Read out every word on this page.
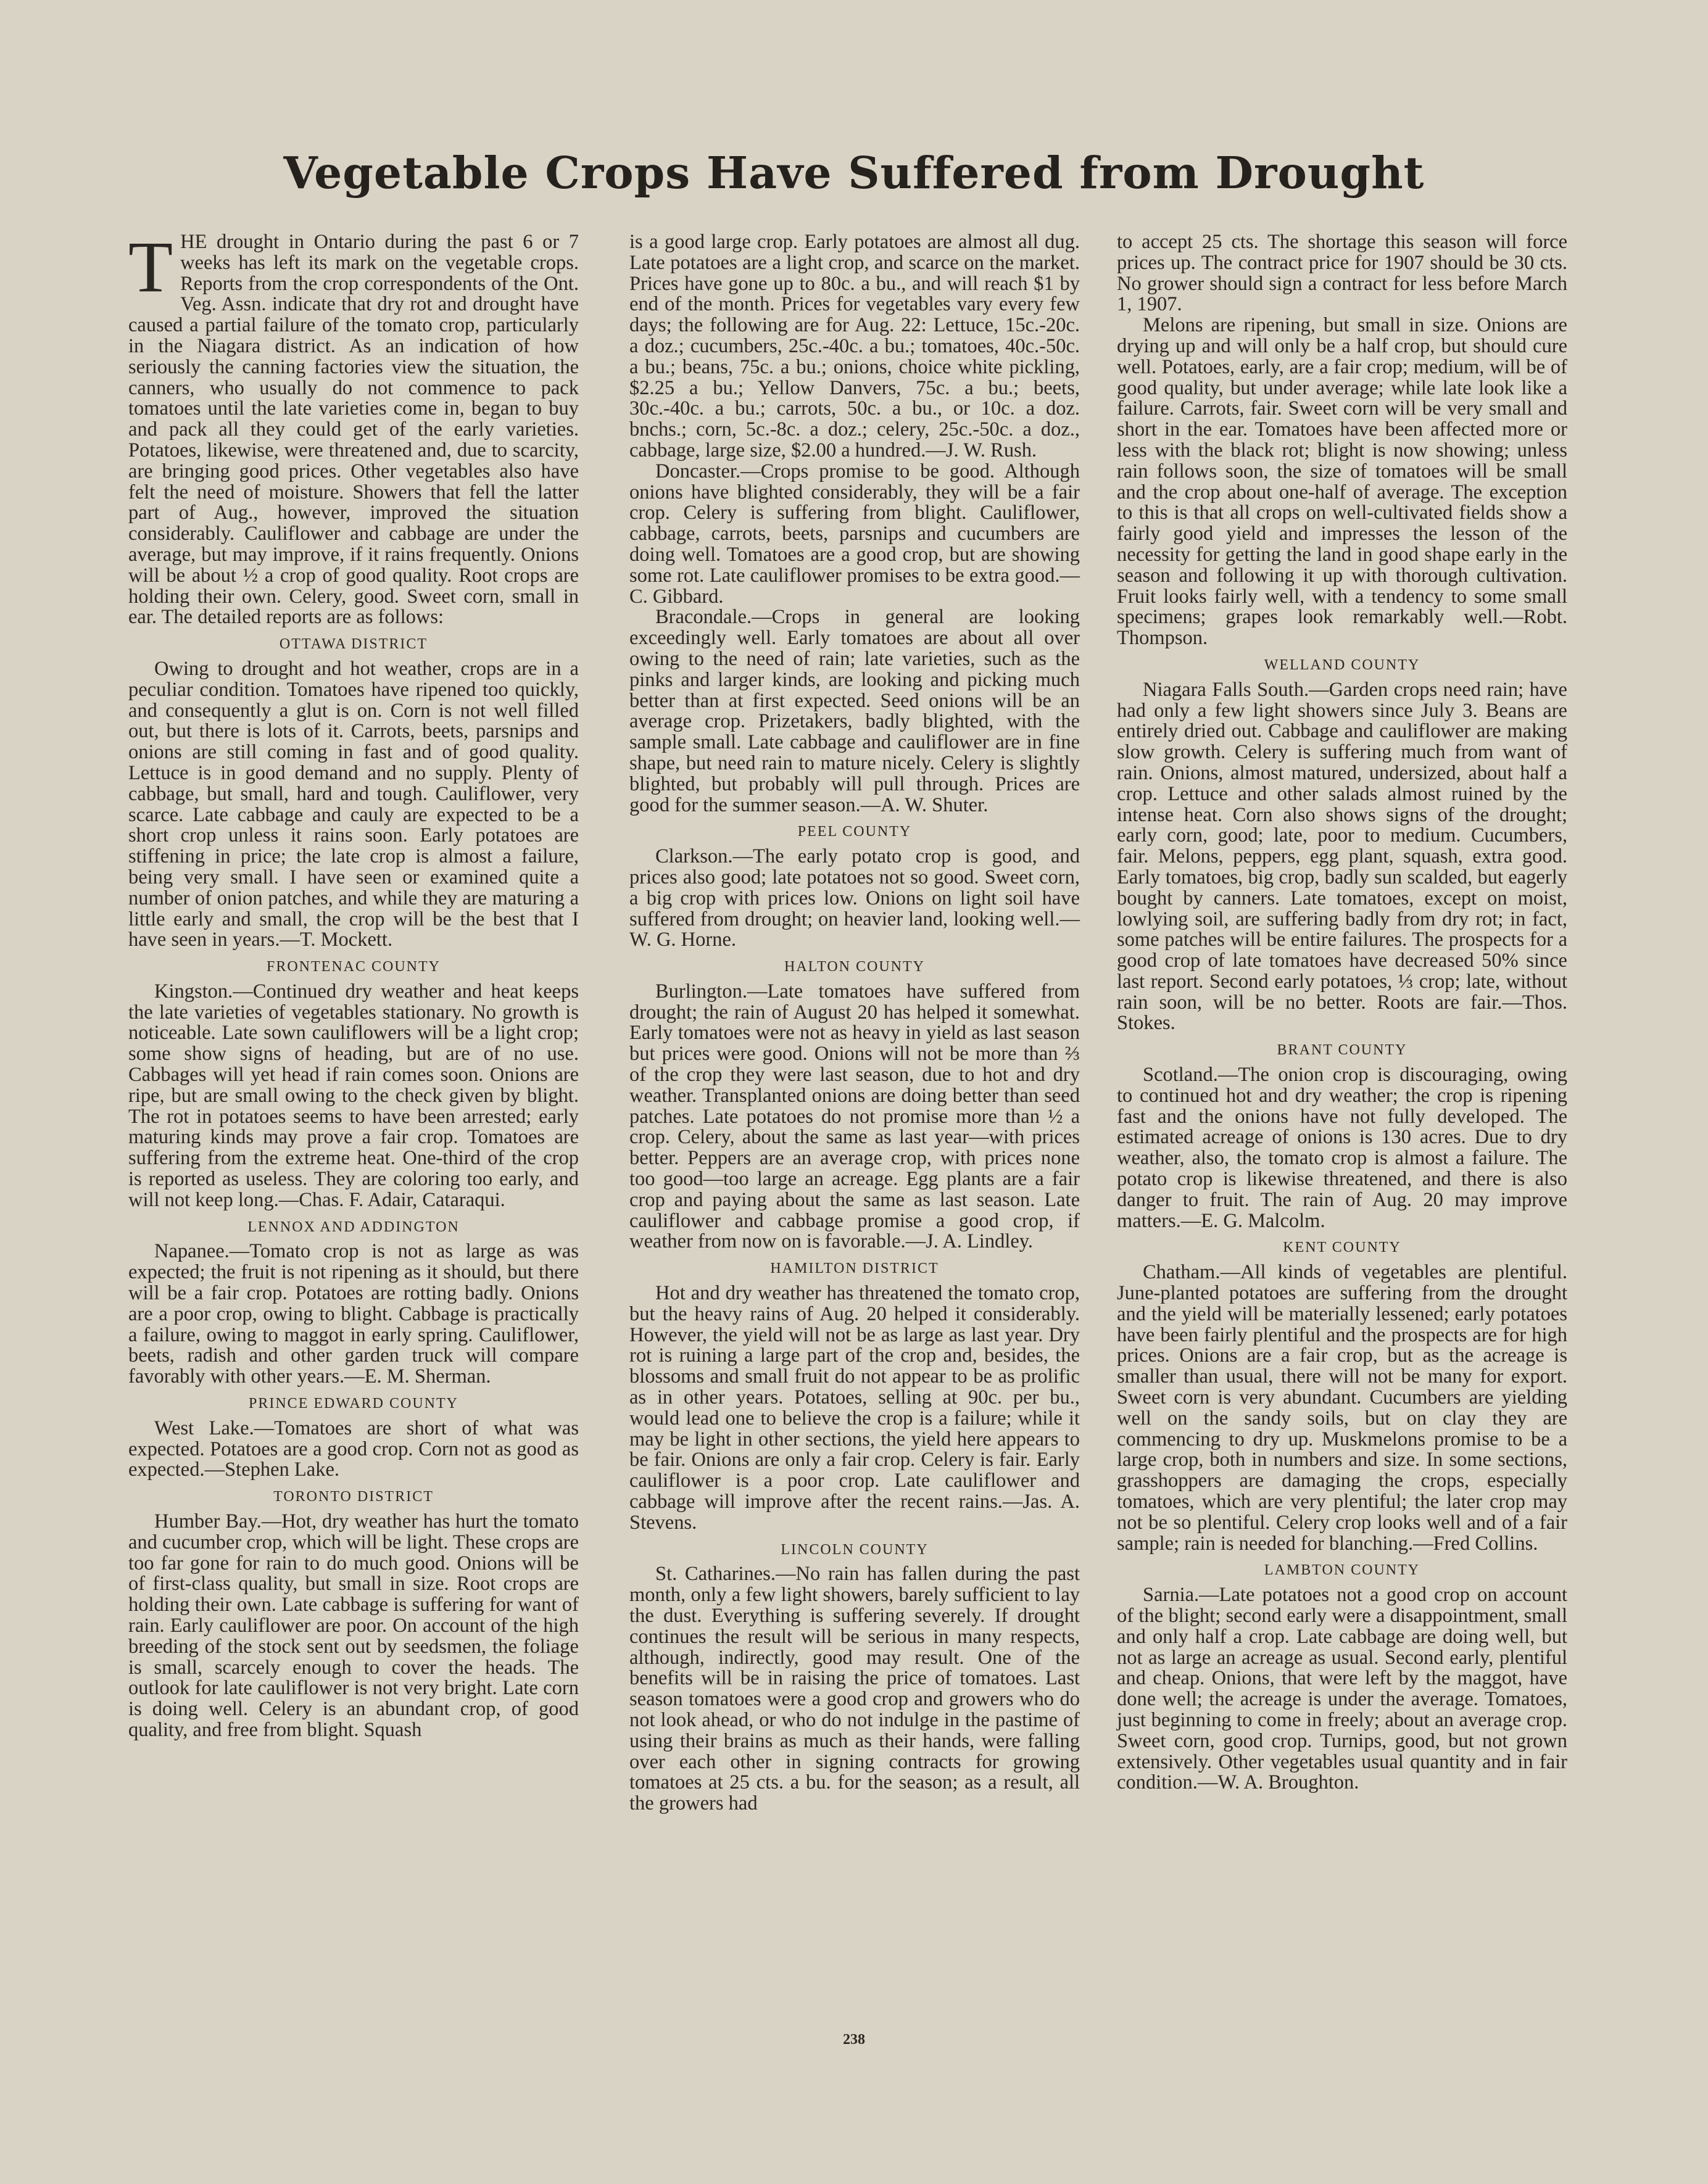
Vegetable Crops Have Suffered from Drought

THE drought in Ontario during the past 6 or 7 weeks has left its mark on the vegetable crops. Reports from the crop correspondents of the Ont. Veg. Assn. indicate that dry rot and drought have caused a partial failure of the tomato crop, particularly in the Niagara district. As an indication of how seriously the canning factories view the situation, the canners, who usually do not commence to pack tomatoes until the late varieties come in, began to buy and pack all they could get of the early varieties. Potatoes, likewise, were threatened and, due to scarcity, are bringing good prices. Other vegetables also have felt the need of moisture. Showers that fell the latter part of Aug., however, improved the situation considerably. Cauliflower and cabbage are under the average, but may improve, if it rains frequently. Onions will be about ½ a crop of good quality. Root crops are holding their own. Celery, good. Sweet corn, small in ear. The detailed reports are as follows:

OTTAWA DISTRICT

Owing to drought and hot weather, crops are in a peculiar condition. Tomatoes have ripened too quickly, and consequently a glut is on. Corn is not well filled out, but there is lots of it. Carrots, beets, parsnips and onions are still coming in fast and of good quality. Lettuce is in good demand and no supply. Plenty of cabbage, but small, hard and tough. Cauliflower, very scarce. Late cabbage and cauly are expected to be a short crop unless it rains soon. Early potatoes are stiffening in price; the late crop is almost a failure, being very small. I have seen or examined quite a number of onion patches, and while they are maturing a little early and small, the crop will be the best that I have seen in years.—T. Mockett.

FRONTENAC COUNTY

Kingston.—Continued dry weather and heat keeps the late varieties of vegetables stationary. No growth is noticeable. Late sown cauliflowers will be a light crop; some show signs of heading, but are of no use. Cabbages will yet head if rain comes soon. Onions are ripe, but are small owing to the check given by blight. The rot in potatoes seems to have been arrested; early maturing kinds may prove a fair crop. Tomatoes are suffering from the extreme heat. One-third of the crop is reported as useless. They are coloring too early, and will not keep long.—Chas. F. Adair, Cataraqui.

LENNOX AND ADDINGTON

Napanee.—Tomato crop is not as large as was expected; the fruit is not ripening as it should, but there will be a fair crop. Potatoes are rotting badly. Onions are a poor crop, owing to blight. Cabbage is practically a failure, owing to maggot in early spring. Cauliflower, beets, radish and other garden truck will compare favorably with other years.—E. M. Sherman.

PRINCE EDWARD COUNTY

West Lake.—Tomatoes are short of what was expected. Potatoes are a good crop. Corn not as good as expected.—Stephen Lake.

TORONTO DISTRICT

Humber Bay.—Hot, dry weather has hurt the tomato and cucumber crop, which will be light. These crops are too far gone for rain to do much good. Onions will be of first-class quality, but small in size. Root crops are holding their own. Late cabbage is suffering for want of rain. Early cauliflower are poor. On account of the high breeding of the stock sent out by seedsmen, the foliage is small, scarcely enough to cover the heads. The outlook for late cauliflower is not very bright. Late corn is doing well. Celery is an abundant crop, of good quality, and free from blight. Squash

is a good large crop. Early potatoes are almost all dug. Late potatoes are a light crop, and scarce on the market. Prices have gone up to 80c. a bu., and will reach $1 by end of the month. Prices for vegetables vary every few days; the following are for Aug. 22: Lettuce, 15c.-20c. a doz.; cucumbers, 25c.-40c. a bu.; tomatoes, 40c.-50c. a bu.; beans, 75c. a bu.; onions, choice white pickling, $2.25 a bu.; Yellow Danvers, 75c. a bu.; beets, 30c.-40c. a bu.; carrots, 50c. a bu., or 10c. a doz. bnchs.; corn, 5c.-8c. a doz.; celery, 25c.-50c. a doz., cabbage, large size, $2.00 a hundred.—J. W. Rush.

Doncaster.—Crops promise to be good. Although onions have blighted considerably, they will be a fair crop. Celery is suffering from blight. Cauliflower, cabbage, carrots, beets, parsnips and cucumbers are doing well. Tomatoes are a good crop, but are showing some rot. Late cauliflower promises to be extra good.—C. Gibbard.

Bracondale.—Crops in general are looking exceedingly well. Early tomatoes are about all over owing to the need of rain; late varieties, such as the pinks and larger kinds, are looking and picking much better than at first expected. Seed onions will be an average crop. Prizetakers, badly blighted, with the sample small. Late cabbage and cauliflower are in fine shape, but need rain to mature nicely. Celery is slightly blighted, but probably will pull through. Prices are good for the summer season.—A. W. Shuter.

PEEL COUNTY

Clarkson.—The early potato crop is good, and prices also good; late potatoes not so good. Sweet corn, a big crop with prices low. Onions on light soil have suffered from drought; on heavier land, looking well.—W. G. Horne.

HALTON COUNTY

Burlington.—Late tomatoes have suffered from drought; the rain of August 20 has helped it somewhat. Early tomatoes were not as heavy in yield as last season but prices were good. Onions will not be more than ⅔ of the crop they were last season, due to hot and dry weather. Transplanted onions are doing better than seed patches. Late potatoes do not promise more than ½ a crop. Celery, about the same as last year—with prices better. Peppers are an average crop, with prices none too good—too large an acreage. Egg plants are a fair crop and paying about the same as last season. Late cauliflower and cabbage promise a good crop, if weather from now on is favorable.—J. A. Lindley.

HAMILTON DISTRICT

Hot and dry weather has threatened the tomato crop, but the heavy rains of Aug. 20 helped it considerably. However, the yield will not be as large as last year. Dry rot is ruining a large part of the crop and, besides, the blossoms and small fruit do not appear to be as prolific as in other years. Potatoes, selling at 90c. per bu., would lead one to believe the crop is a failure; while it may be light in other sections, the yield here appears to be fair. Onions are only a fair crop. Celery is fair. Early cauliflower is a poor crop. Late cauliflower and cabbage will improve after the recent rains.—Jas. A. Stevens.

LINCOLN COUNTY

St. Catharines.—No rain has fallen during the past month, only a few light showers, barely sufficient to lay the dust. Everything is suffering severely. If drought continues the result will be serious in many respects, although, indirectly, good may result. One of the benefits will be in raising the price of tomatoes. Last season tomatoes were a good crop and growers who do not look ahead, or who do not indulge in the pastime of using their brains as much as their hands, were falling over each other in signing contracts for growing tomatoes at 25 cts. a bu. for the season; as a result, all the growers had

to accept 25 cts. The shortage this season will force prices up. The contract price for 1907 should be 30 cts. No grower should sign a contract for less before March 1, 1907.

Melons are ripening, but small in size. Onions are drying up and will only be a half crop, but should cure well. Potatoes, early, are a fair crop; medium, will be of good quality, but under average; while late look like a failure. Carrots, fair. Sweet corn will be very small and short in the ear. Tomatoes have been affected more or less with the black rot; blight is now showing; unless rain follows soon, the size of tomatoes will be small and the crop about one-half of average. The exception to this is that all crops on well-cultivated fields show a fairly good yield and impresses the lesson of the necessity for getting the land in good shape early in the season and following it up with thorough cultivation. Fruit looks fairly well, with a tendency to some small specimens; grapes look remarkably well.—Robt. Thompson.

WELLAND COUNTY

Niagara Falls South.—Garden crops need rain; have had only a few light showers since July 3. Beans are entirely dried out. Cabbage and cauliflower are making slow growth. Celery is suffering much from want of rain. Onions, almost matured, undersized, about half a crop. Lettuce and other salads almost ruined by the intense heat. Corn also shows signs of the drought; early corn, good; late, poor to medium. Cucumbers, fair. Melons, peppers, egg plant, squash, extra good. Early tomatoes, big crop, badly sun scalded, but eagerly bought by canners. Late tomatoes, except on moist, lowlying soil, are suffering badly from dry rot; in fact, some patches will be entire failures. The prospects for a good crop of late tomatoes have decreased 50% since last report. Second early potatoes, ⅓ crop; late, without rain soon, will be no better. Roots are fair.—Thos. Stokes.

BRANT COUNTY

Scotland.—The onion crop is discouraging, owing to continued hot and dry weather; the crop is ripening fast and the onions have not fully developed. The estimated acreage of onions is 130 acres. Due to dry weather, also, the tomato crop is almost a failure. The potato crop is likewise threatened, and there is also danger to fruit. The rain of Aug. 20 may improve matters.—E. G. Malcolm.

KENT COUNTY

Chatham.—All kinds of vegetables are plentiful. June-planted potatoes are suffering from the drought and the yield will be materially lessened; early potatoes have been fairly plentiful and the prospects are for high prices. Onions are a fair crop, but as the acreage is smaller than usual, there will not be many for export. Sweet corn is very abundant. Cucumbers are yielding well on the sandy soils, but on clay they are commencing to dry up. Muskmelons promise to be a large crop, both in numbers and size. In some sections, grasshoppers are damaging the crops, especially tomatoes, which are very plentiful; the later crop may not be so plentiful. Celery crop looks well and of a fair sample; rain is needed for blanching.—Fred Collins.

LAMBTON COUNTY

Sarnia.—Late potatoes not a good crop on account of the blight; second early were a disappointment, small and only half a crop. Late cabbage are doing well, but not as large an acreage as usual. Second early, plentiful and cheap. Onions, that were left by the maggot, have done well; the acreage is under the average. Tomatoes, just beginning to come in freely; about an average crop. Sweet corn, good crop. Turnips, good, but not grown extensively. Other vegetables usual quantity and in fair condition.—W. A. Broughton.

238
